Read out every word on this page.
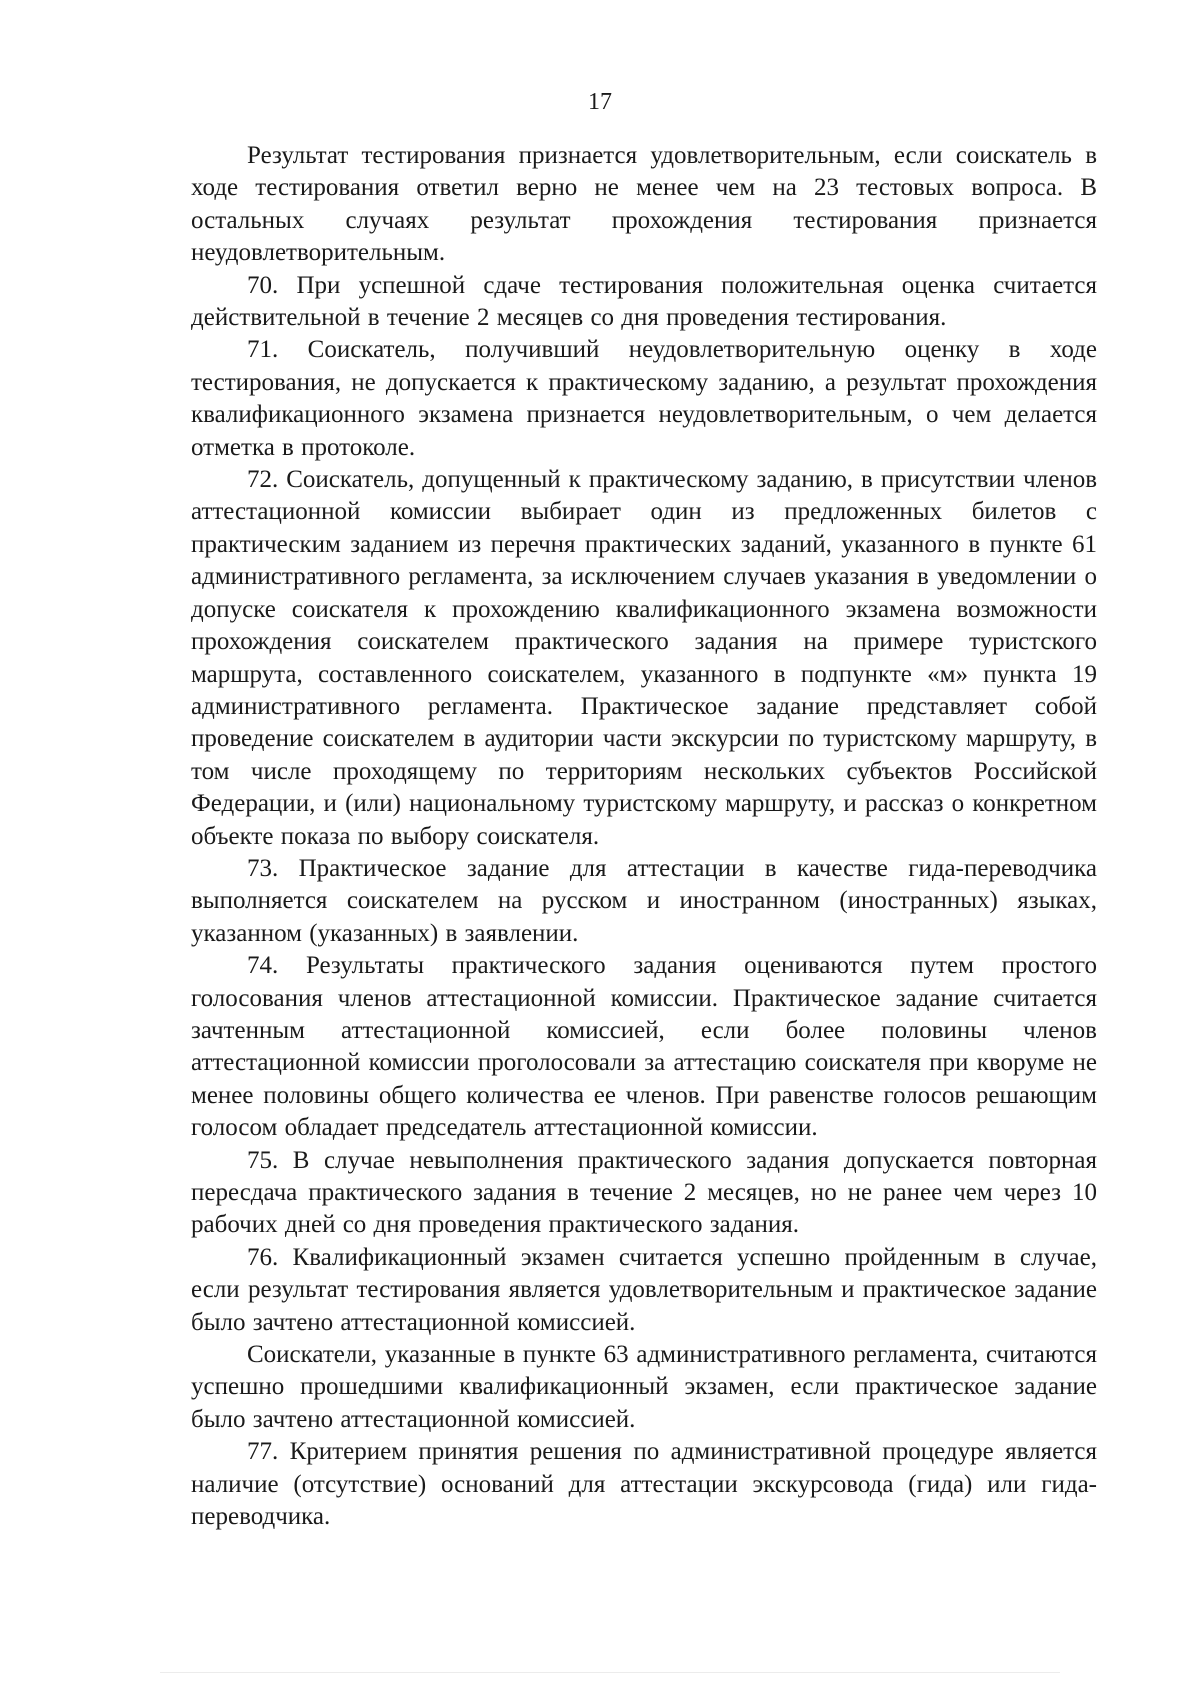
17

Результат тестирования признается удовлетворительным, если соискатель в ходе тестирования ответил верно не менее чем на 23 тестовых вопроса. В остальных случаях результат прохождения тестирования признается неудовлетворительным.

70. При успешной сдаче тестирования положительная оценка считается действительной в течение 2 месяцев со дня проведения тестирования.

71. Соискатель, получивший неудовлетворительную оценку в ходе тестирования, не допускается к практическому заданию, а результат прохождения квалификационного экзамена признается неудовлетворительным, о чем делается отметка в протоколе.

72. Соискатель, допущенный к практическому заданию, в присутствии членов аттестационной комиссии выбирает один из предложенных билетов с практическим заданием из перечня практических заданий, указанного в пункте 61 административного регламента, за исключением случаев указания в уведомлении о допуске соискателя к прохождению квалификационного экзамена возможности прохождения соискателем практического задания на примере туристского маршрута, составленного соискателем, указанного в подпункте «м» пункта 19 административного регламента. Практическое задание представляет собой проведение соискателем в аудитории части экскурсии по туристскому маршруту, в том числе проходящему по территориям нескольких субъектов Российской Федерации, и (или) национальному туристскому маршруту, и рассказ о конкретном объекте показа по выбору соискателя.

73. Практическое задание для аттестации в качестве гида-переводчика выполняется соискателем на русском и иностранном (иностранных) языках, указанном (указанных) в заявлении.

74. Результаты практического задания оцениваются путем простого голосования членов аттестационной комиссии. Практическое задание считается зачтенным аттестационной комиссией, если более половины членов аттестационной комиссии проголосовали за аттестацию соискателя при кворуме не менее половины общего количества ее членов. При равенстве голосов решающим голосом обладает председатель аттестационной комиссии.

75. В случае невыполнения практического задания допускается повторная пересдача практического задания в течение 2 месяцев, но не ранее чем через 10 рабочих дней со дня проведения практического задания.

76. Квалификационный экзамен считается успешно пройденным в случае, если результат тестирования является удовлетворительным и практическое задание было зачтено аттестационной комиссией.

Соискатели, указанные в пункте 63 административного регламента, считаются успешно прошедшими квалификационный экзамен, если практическое задание было зачтено аттестационной комиссией.

77. Критерием принятия решения по административной процедуре является наличие (отсутствие) оснований для аттестации экскурсовода (гида) или гида-переводчика.
